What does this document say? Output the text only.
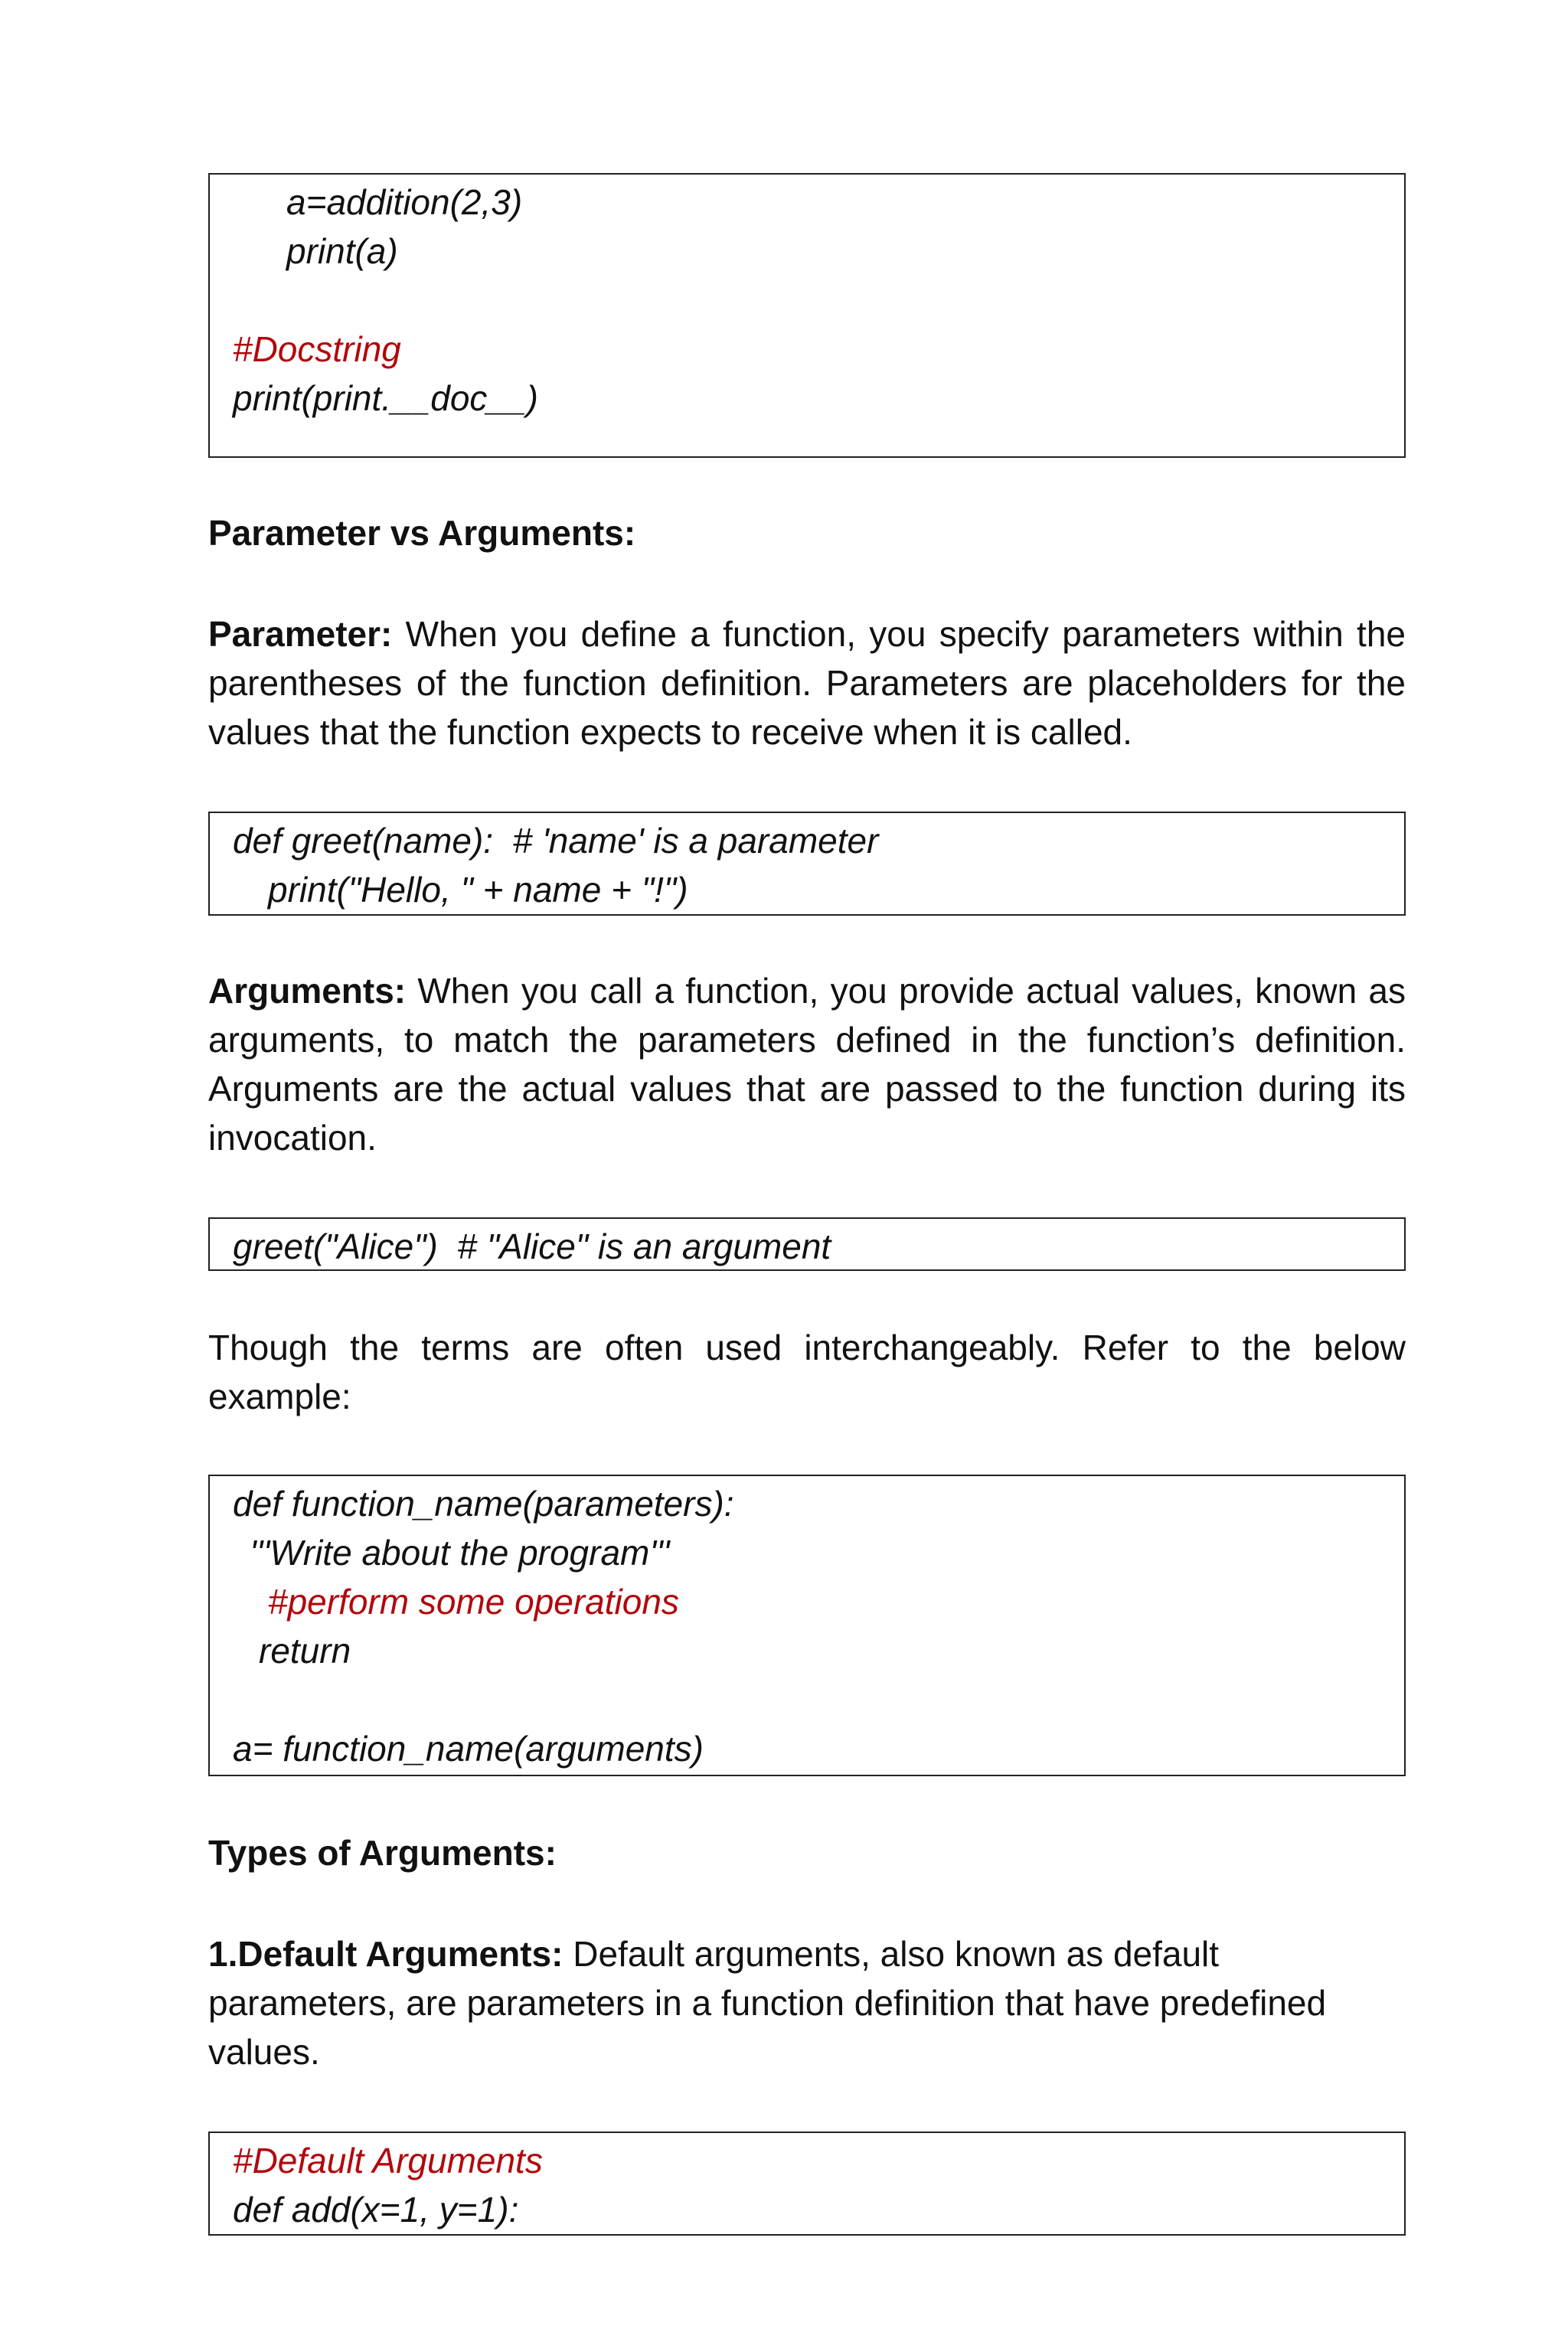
a=addition(2,3)
print(a)
#Docstring
print(print.__doc__)
Parameter vs Arguments:

Parameter: When you define a function, you specify parameters within the parentheses of the function definition. Parameters are placeholders for the values that the function expects to receive when it is called.

def greet(name):  # 'name' is a parameter
print("Hello, " + name + "!")

Arguments: When you call a function, you provide actual values, known as arguments, to match the parameters defined in the function’s definition. Arguments are the actual values that are passed to the function during its invocation.

greet("Alice")  # "Alice" is an argument

Though the terms are often used interchangeably. Refer to the below example:

def function_name(parameters):
'''Write about the program'''
#perform some operations
return
a= function_name(arguments)
Types of Arguments:

1.Default Arguments: Default arguments, also known as default parameters, are parameters in a function definition that have predefined values.

#Default Arguments
def add(x=1, y=1):
